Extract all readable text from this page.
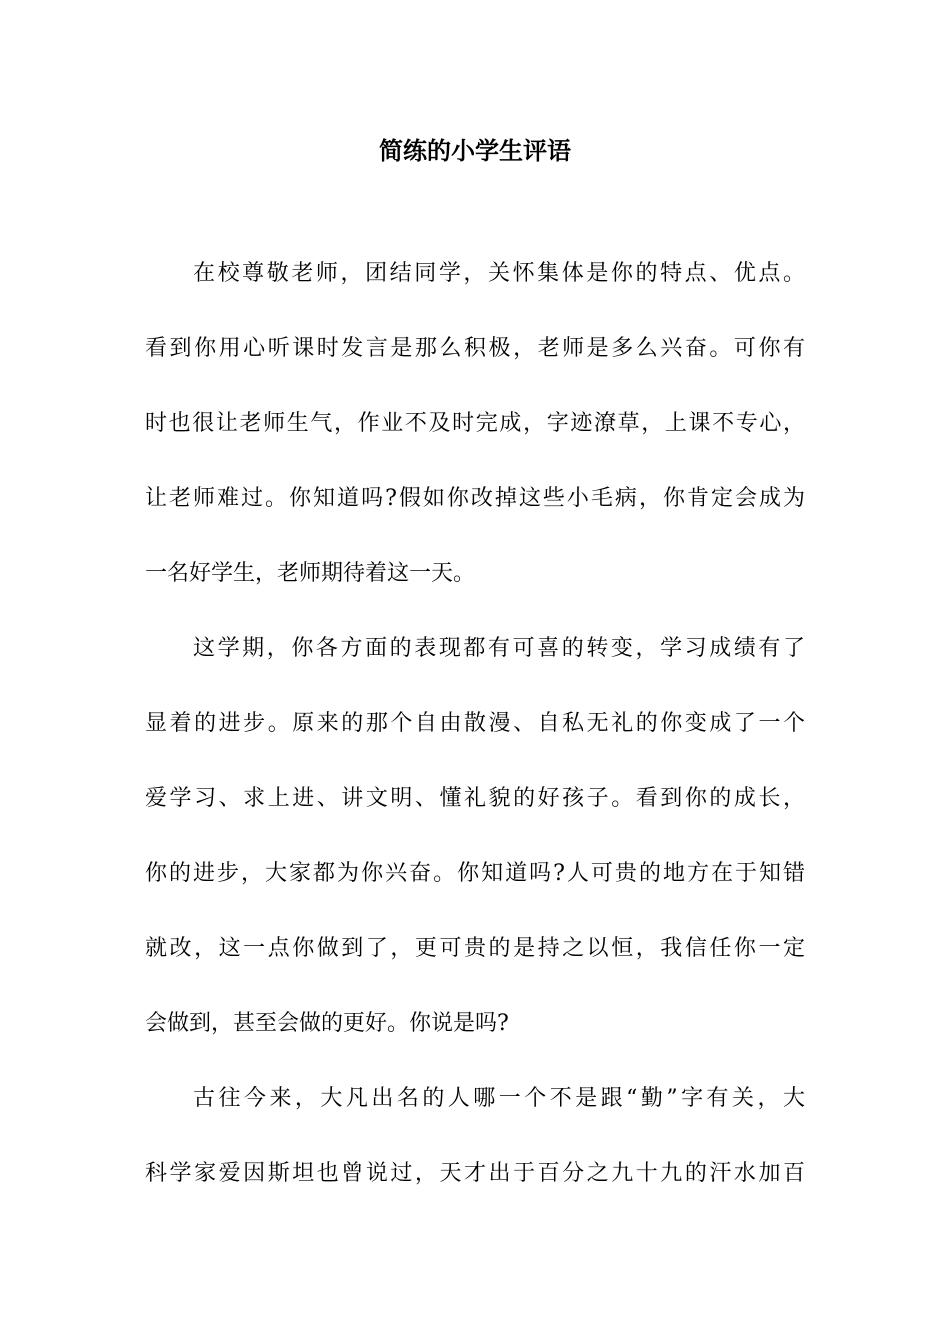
简练的小学生评语
在校尊敬老师，团结同学，关怀集体是你的特点、优点。
看到你用心听课时发言是那么积极，老师是多么兴奋。可你有
时也很让老师生气，作业不及时完成，字迹潦草，上课不专心，
让老师难过。你知道吗?假如你改掉这些小毛病，你肯定会成为
一名好学生，老师期待着这一天。
这学期，你各方面的表现都有可喜的转变，学习成绩有了
显着的进步。原来的那个自由散漫、自私无礼的你变成了一个
爱学习、求上进、讲文明、懂礼貌的好孩子。看到你的成长，
你的进步，大家都为你兴奋。你知道吗?人可贵的地方在于知错
就改，这一点你做到了，更可贵的是持之以恒，我信任你一定
会做到，甚至会做的更好。你说是吗?
古往今来，大凡出名的人哪一个不是跟“勤”字有关，大
科学家爱因斯坦也曾说过，天才出于百分之九十九的汗水加百
